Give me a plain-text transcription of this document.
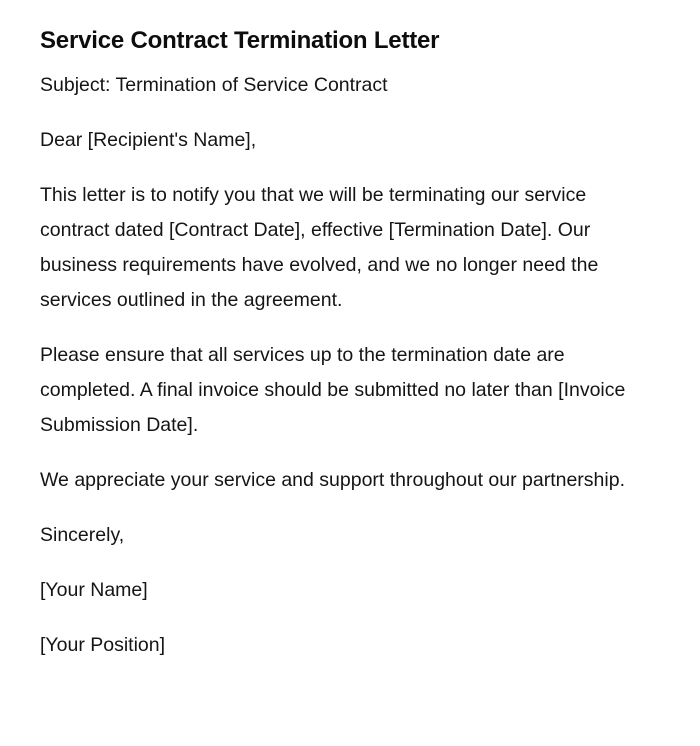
Service Contract Termination Letter

Subject: Termination of Service Contract

Dear [Recipient's Name],

This letter is to notify you that we will be terminating our service contract dated [Contract Date], effective [Termination Date]. Our business requirements have evolved, and we no longer need the services outlined in the agreement.

Please ensure that all services up to the termination date are completed. A final invoice should be submitted no later than [Invoice Submission Date].

We appreciate your service and support throughout our partnership.

Sincerely,

[Your Name]

[Your Position]
